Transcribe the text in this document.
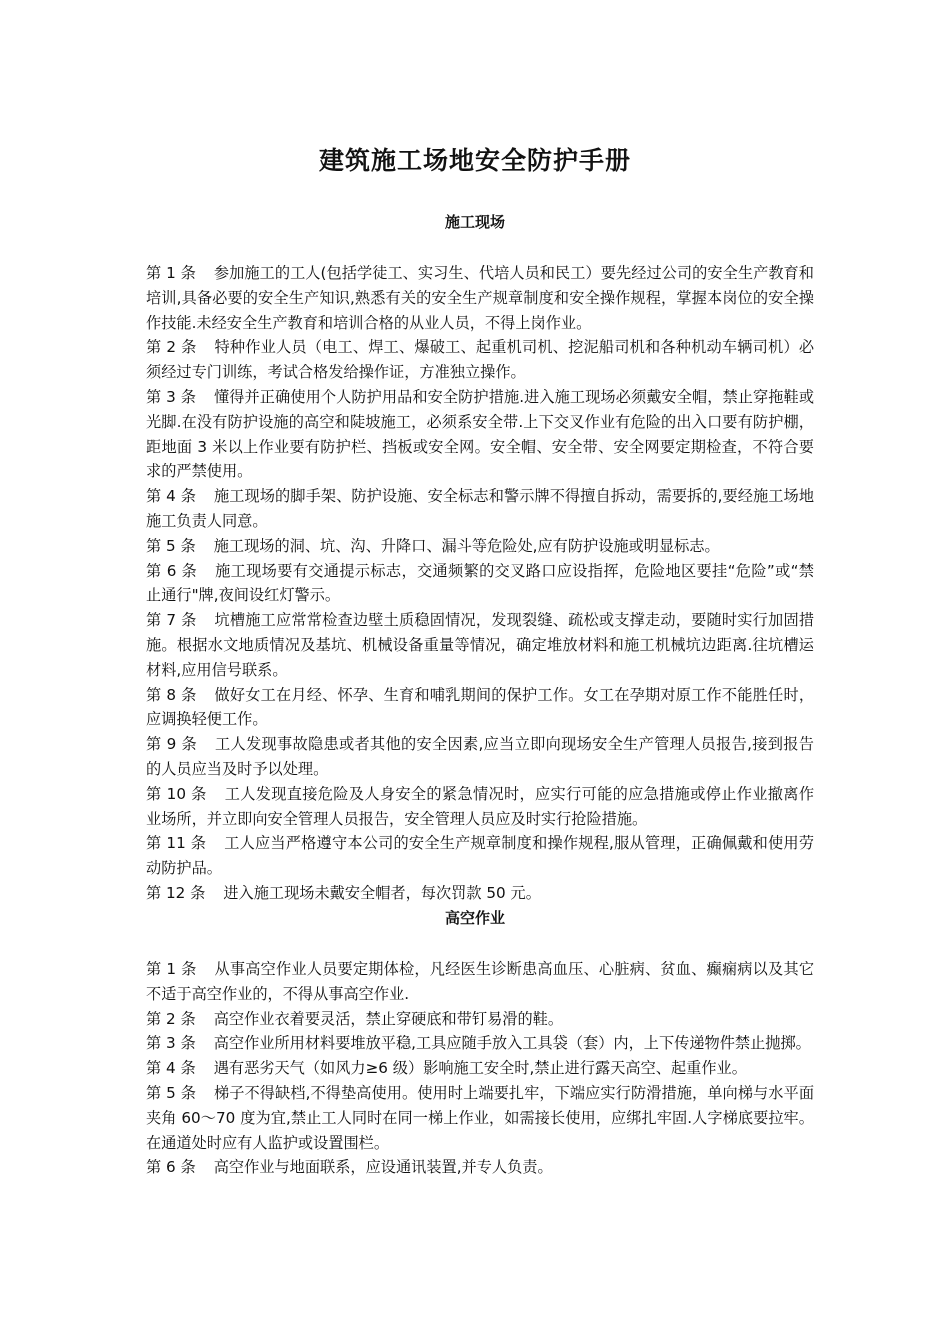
建筑施工场地安全防护手册
施工现场

第 1 条 参加施工的工人(包括学徒工、实习生、代培人员和民工）要先经过公司的安全生产教育和培训,具备必要的安全生产知识,熟悉有关的安全生产规章制度和安全操作规程，掌握本岗位的安全操作技能.未经安全生产教育和培训合格的从业人员，不得上岗作业。

第 2 条 特种作业人员（电工、焊工、爆破工、起重机司机、挖泥船司机和各种机动车辆司机）必须经过专门训练，考试合格发给操作证，方准独立操作。

第 3 条 懂得并正确使用个人防护用品和安全防护措施.进入施工现场必须戴安全帽，禁止穿拖鞋或光脚.在没有防护设施的高空和陡坡施工，必须系安全带.上下交叉作业有危险的出入口要有防护棚，距地面 3 米以上作业要有防护栏、挡板或安全网。安全帽、安全带、安全网要定期检查，不符合要求的严禁使用。

第 4 条 施工现场的脚手架、防护设施、安全标志和警示牌不得擅自拆动，需要拆的,要经施工场地施工负责人同意。

第 5 条 施工现场的洞、坑、沟、升降口、漏斗等危险处,应有防护设施或明显标志。

第 6 条 施工现场要有交通提示标志，交通频繁的交叉路口应设指挥，危险地区要挂“危险”或“禁止通行"牌,夜间设红灯警示。

第 7 条 坑槽施工应常常检查边壁土质稳固情况，发现裂缝、疏松或支撑走动，要随时实行加固措施。根据水文地质情况及基坑、机械设备重量等情况，确定堆放材料和施工机械坑边距离.往坑槽运材料,应用信号联系。

第 8 条 做好女工在月经、怀孕、生育和哺乳期间的保护工作。女工在孕期对原工作不能胜任时，应调换轻便工作。

第 9 条 工人发现事故隐患或者其他的安全因素,应当立即向现场安全生产管理人员报告,接到报告的人员应当及时予以处理。

第 10 条 工人发现直接危险及人身安全的紧急情况时，应实行可能的应急措施或停止作业撤离作业场所，并立即向安全管理人员报告，安全管理人员应及时实行抢险措施。

第 11 条 工人应当严格遵守本公司的安全生产规章制度和操作规程,服从管理，正确佩戴和使用劳动防护品。

第 12 条 进入施工现场未戴安全帽者，每次罚款 50 元。

高空作业

第 1 条 从事高空作业人员要定期体检，凡经医生诊断患高血压、心脏病、贫血、癫痫病以及其它不适于高空作业的，不得从事高空作业.

第 2 条 高空作业衣着要灵活，禁止穿硬底和带钉易滑的鞋。

第 3 条 高空作业所用材料要堆放平稳,工具应随手放入工具袋（套）内，上下传递物件禁止抛掷。

第 4 条 遇有恶劣天气（如风力≥6 级）影响施工安全时,禁止进行露天高空、起重作业。

第 5 条 梯子不得缺档,不得垫高使用。使用时上端要扎牢，下端应实行防滑措施，单向梯与水平面夹角 60～70 度为宜,禁止工人同时在同一梯上作业，如需接长使用，应绑扎牢固.人字梯底要拉牢。在通道处时应有人监护或设置围栏。

第 6 条 高空作业与地面联系，应设通讯装置,并专人负责。
